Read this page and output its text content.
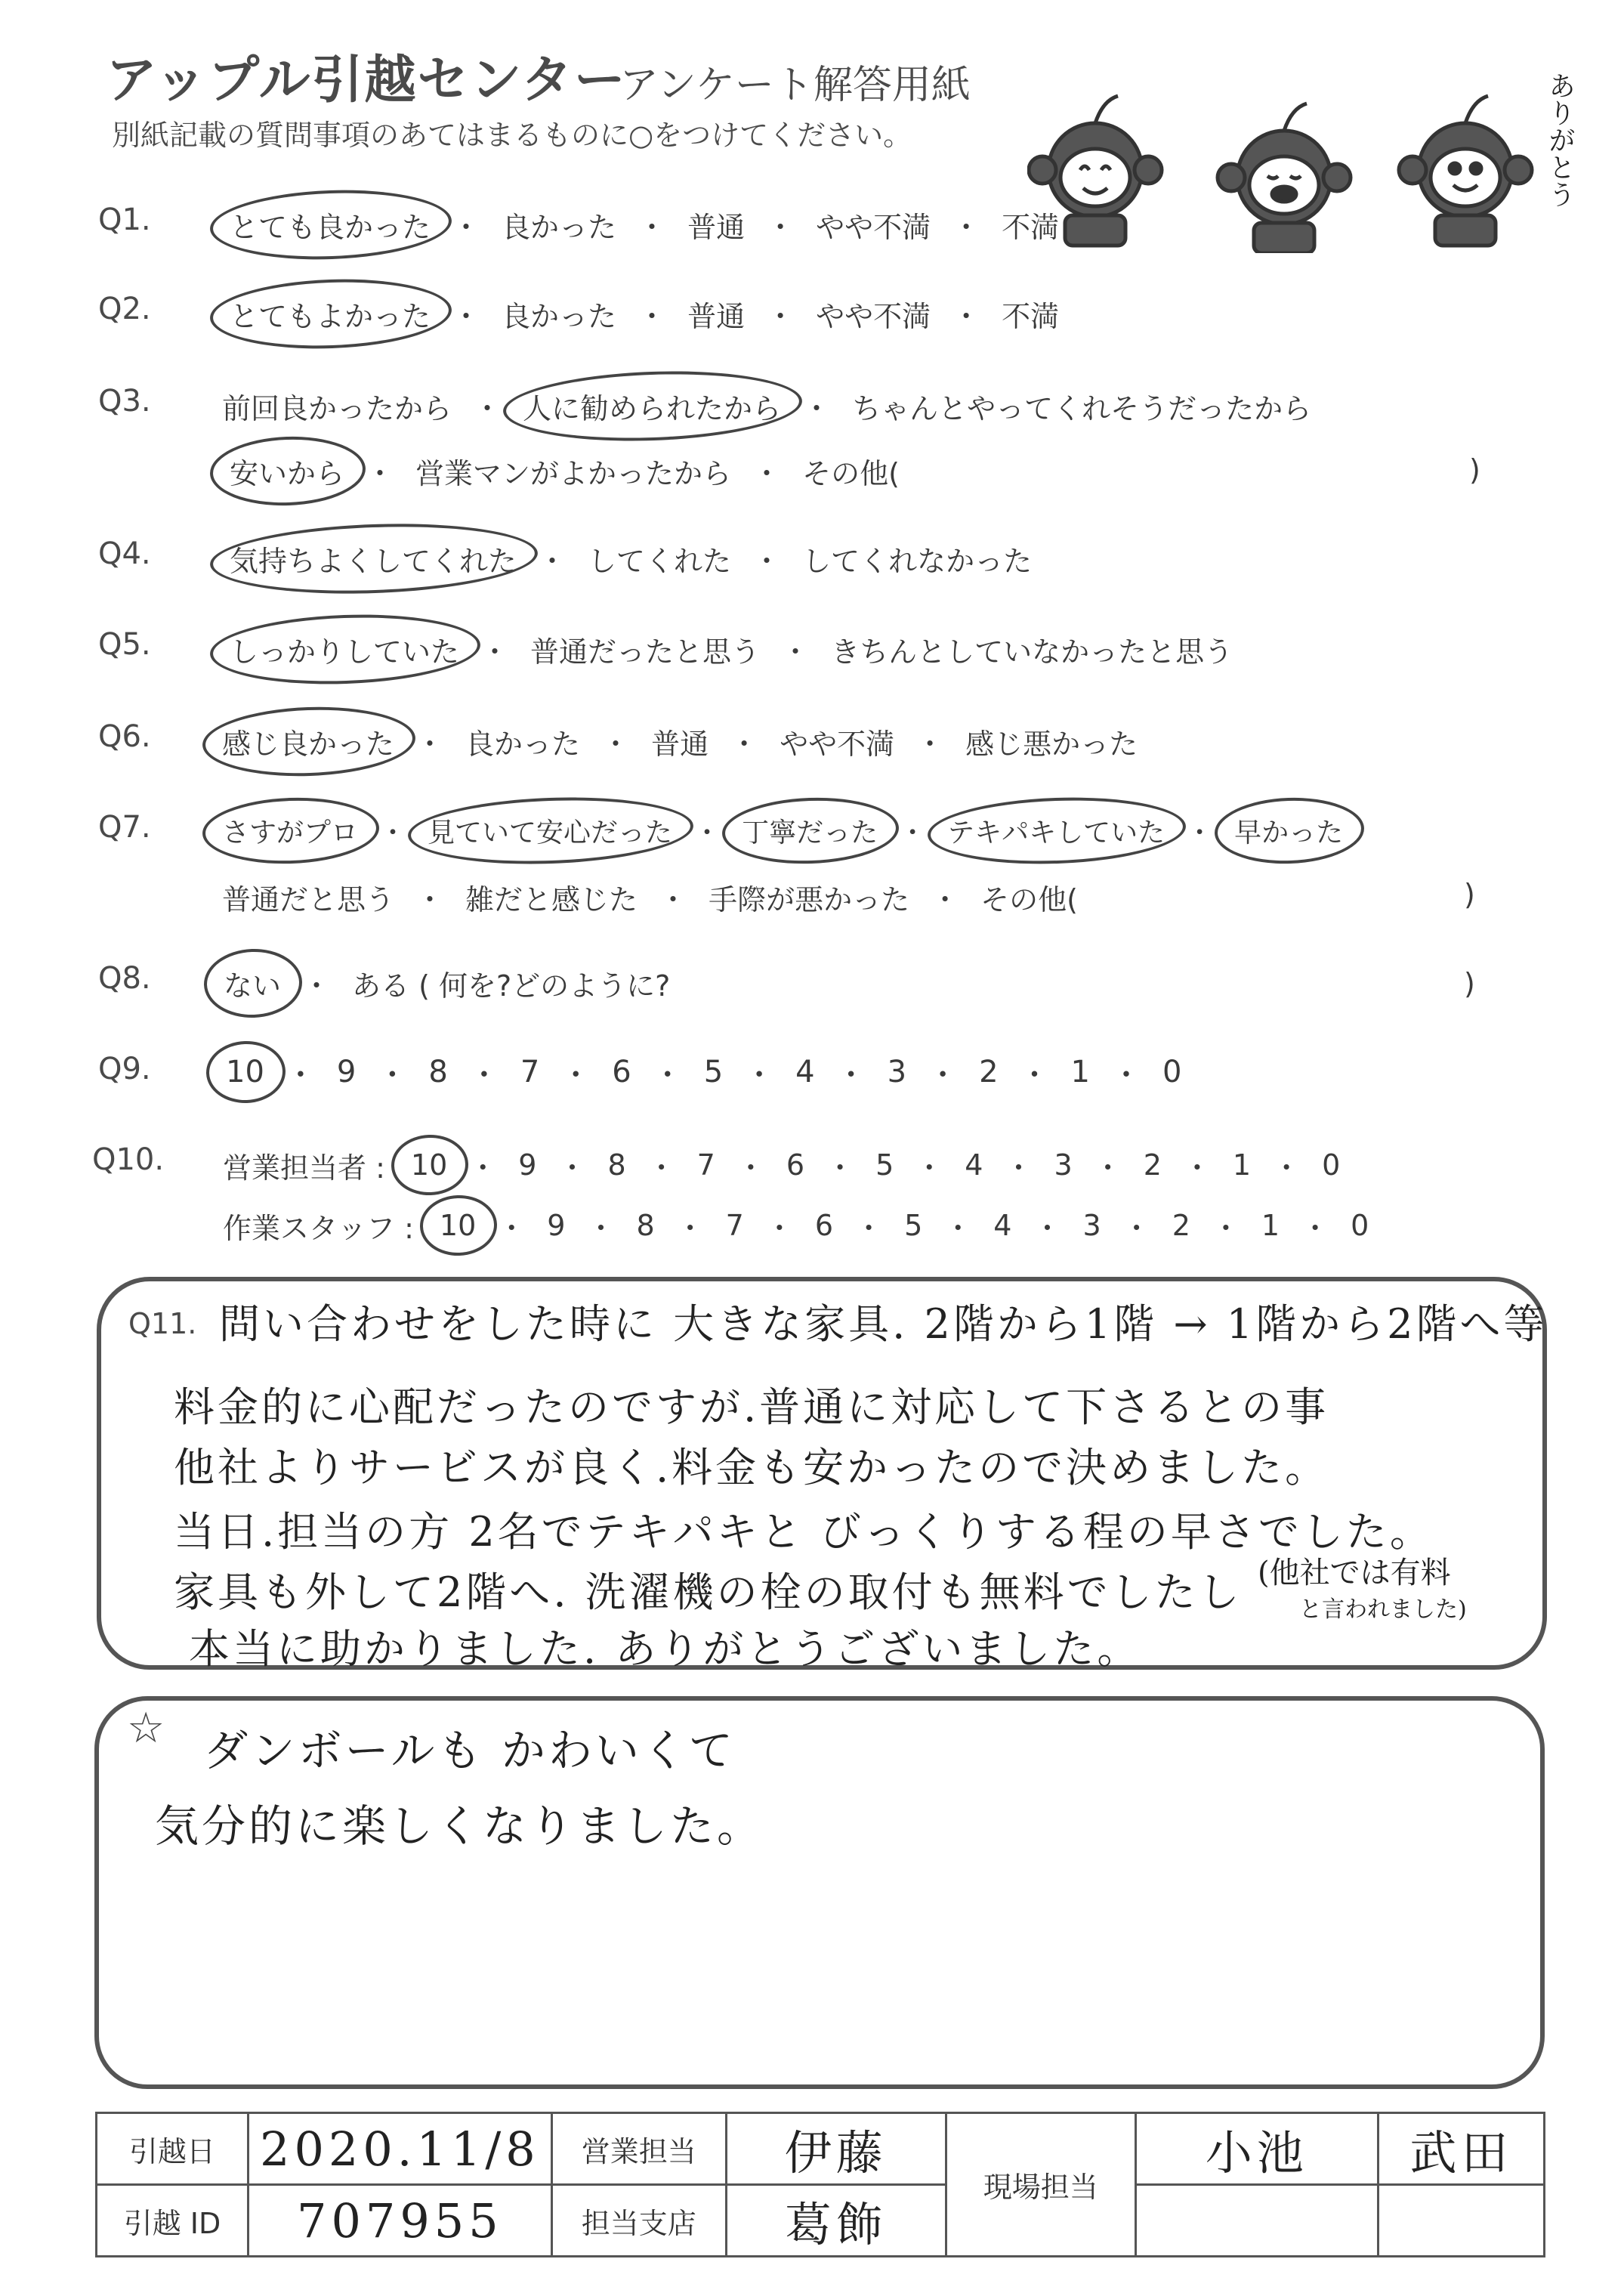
アップル引越センター
アンケート解答用紙
別紙記載の質問事項のあてはまるものに○をつけてください。	ありがとう
Q1.	とても良かった ・ 良かった ・ 普通 ・ やや不満 ・ 不満
Q2.	とてもよかった ・ 良かった ・ 普通 ・ やや不満 ・ 不満
Q3.	前回良かったから ・ 人に勧められたから ・ ちゃんとやってくれそうだったから
安いから ・ 営業マンがよかったから ・ その他(	)
Q4.	気持ちよくしてくれた ・ してくれた ・ してくれなかった
Q5.	しっかりしていた ・ 普通だったと思う ・ きちんとしていなかったと思う
Q6.	感じ良かった ・ 良かった ・ 普通 ・ やや不満 ・ 感じ悪かった
Q7.	さすがプロ ・ 見ていて安心だった ・ 丁寧だった ・ テキパキしていた ・ 早かった
普通だと思う ・ 雑だと感じた ・ 手際が悪かった ・ その他(	)
Q8.	ない ・ ある ( 何を?どのように?	)
Q9.	10 ・ 9 ・ 8 ・ 7 ・ 6 ・ 5 ・ 4 ・ 3 ・ 2 ・ 1 ・ 0
Q10. 営業担当者 : 10 ・ 9 ・ 8 ・ 7 ・ 6 ・ 5 ・ 4 ・ 3 ・ 2 ・ 1 ・ 0
作業スタッフ : 10 ・ 9 ・ 8 ・ 7 ・ 6 ・ 5 ・ 4 ・ 3 ・ 2 ・ 1 ・ 0
Q11. 問い合わせをした時に 大きな家具. 2階から1階 → 1階から2階へ等
料金的に心配だったのですが.普通に対応して下さるとの事
他社よりサービスが良く.料金も安かったので決めました。
当日.担当の方 2名でテキパキと びっくりする程の早さでした。
家具も外して2階へ. 洗濯機の栓の取付も無料でしたし (他社では有料
と言われました)
本当に助かりました. ありがとうございました。
☆ ダンボールも かわいくて
気分的に楽しくなりました。
引越日	2020.11/8	営業担当	伊藤	現場担当	小池	武田
引越 ID	707955	担当支店	葛飾			
